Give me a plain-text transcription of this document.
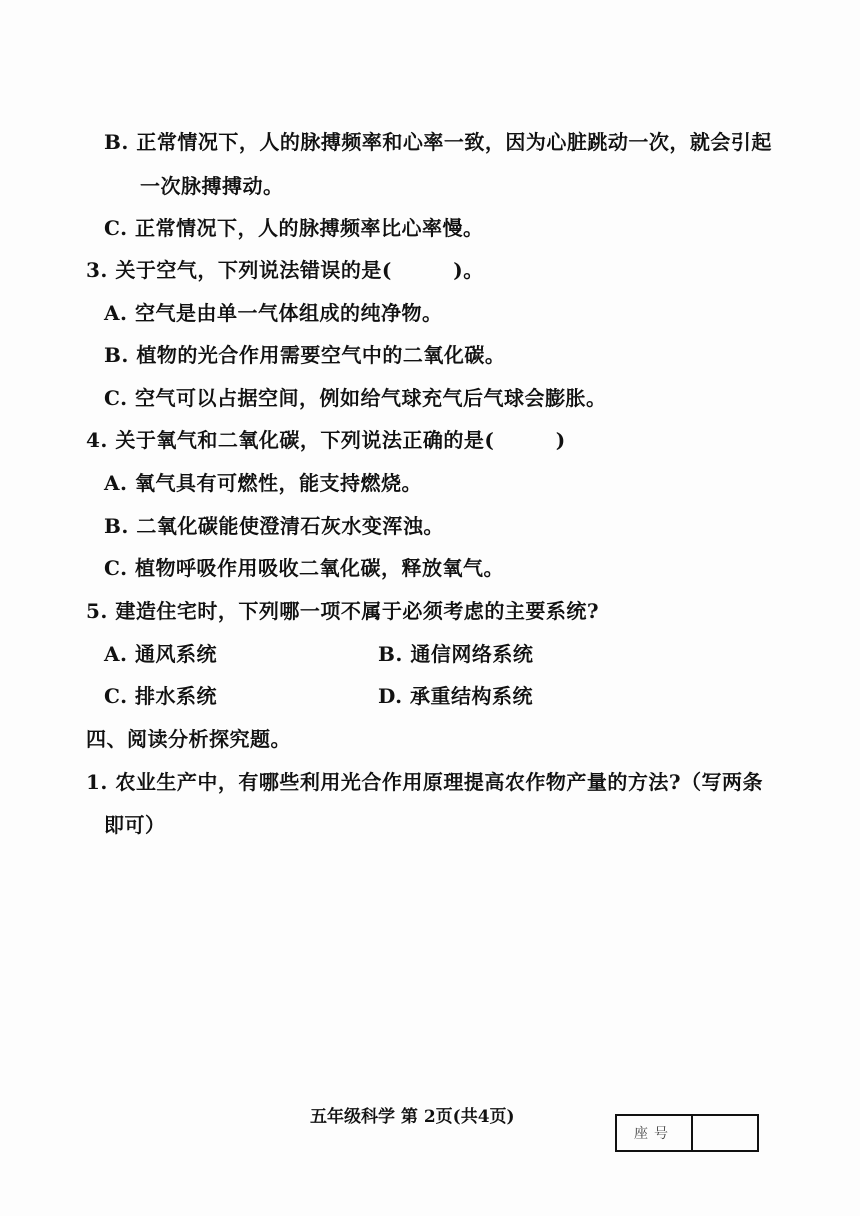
B. 正常情况下，人的脉搏频率和心率一致，因为心脏跳动一次，就会引起
一次脉搏搏动。
C. 正常情况下，人的脉搏频率比心率慢。
3. 关于空气，下列说法错误的是(　　　)。
A. 空气是由单一气体组成的纯净物。
B. 植物的光合作用需要空气中的二氧化碳。
C. 空气可以占据空间，例如给气球充气后气球会膨胀。
4. 关于氧气和二氧化碳，下列说法正确的是(　　　)
A. 氧气具有可燃性，能支持燃烧。
B. 二氧化碳能使澄清石灰水变浑浊。
C. 植物呼吸作用吸收二氧化碳，释放氧气。
5. 建造住宅时，下列哪一项不属于必须考虑的主要系统?
A. 通风系统	B. 通信网络系统
C. 排水系统	D. 承重结构系统
四、阅读分析探究题。
1. 农业生产中，有哪些利用光合作用原理提高农作物产量的方法?（写两条
即可）
五年级科学 第 2页(共4页)
座号
